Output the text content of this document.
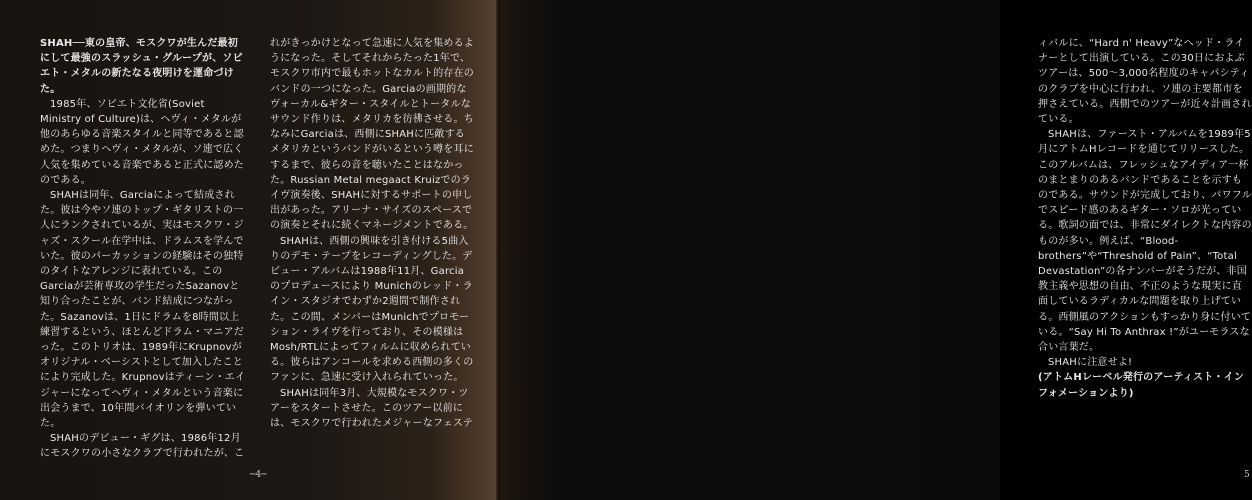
SHAH──東の皇帝、モスクワが生んだ最初にして最強のスラッシュ・グループが、ソビエト・メタルの新たなる夜明けを運命づけた。

1985年、ソビエト文化省(Soviet Ministry of Culture)は、ヘヴィ・メタルが他のあらゆる音楽スタイルと同等であると認めた。つまりヘヴィ・メタルが、ソ連で広く人気を集めている音楽であると正式に認めたのである。

SHAHは同年、Garciaによって結成された。彼は今やソ連のトップ・ギタリストの一人にランクされているが、実はモスクワ・ジャズ・スクール在学中は、ドラムスを学んでいた。彼のパーカッションの経験はその独特のタイトなアレンジに表れている。このGarciaが芸術専攻の学生だったSazanovと知り合ったことが、バンド結成につながった。Sazanovは、1日にドラムを8時間以上練習するという、ほとんどドラム・マニアだった。このトリオは、1989年にKrupnovがオリジナル・ベーシストとして加入したことにより完成した。Krupnovはティーン・エイジャーになってヘヴィ・メタルという音楽に出会うまで、10年間バイオリンを弾いていた。

SHAHのデビュー・ギグは、1986年12月にモスクワの小さなクラブで行われたが、こ

れがきっかけとなって急速に人気を集めるようになった。そしてそれからたった1年で、モスクワ市内で最もホットなカルト的存在のバンドの一つになった。Garciaの画期的なヴォーカル&ギター・スタイルとトータルなサウンド作りは、メタリカを彷彿させる。ちなみにGarciaは、西側にSHAHに匹敵するメタリカというバンドがいるという噂を耳にするまで、彼らの音を聴いたことはなかった。Russian Metal megaact Kruizでのライヴ演奏後、SHAHに対するサポートの申し出があった。アリーナ・サイズのスペースでの演奏とそれに続くマネージメントである。

SHAHは、西側の興味を引き付ける5曲入りのデモ・テープをレコーディングした。デビュー・アルバムは1988年11月、Garciaのプロデュースにより Munichのレッド・ライン・スタジオでわずか2週間で制作された。この間、メンバーはMunichでプロモーション・ライヴを行っており、その模様はMosh/RTLによってフィルムに収められている。彼らはアンコールを求める西側の多くのファンに、急速に受け入れられていった。

SHAHは同年3月、大規模なモスクワ・ツアーをスタートさせた。このツアー以前には、モスクワで行われたメジャーなフェステ

─4─

ィバルに、“Hard n' Heavy”なヘッド・ライナーとして出演している。この30日におよぶツアーは、500～3,000名程度のキャパシティのクラブを中心に行われ、ソ連の主要都市を押さえている。西側でのツアーが近々計画されている。

SHAHは、ファースト・アルバムを1989年5月にアトムHレコードを通じてリリースした。このアルバムは、フレッシュなアイディア一杯のまとまりのあるバンドであることを示すものである。サウンドが完成しており、パワフルでスピード感のあるギター・ソロが光っている。歌詞の面では、非常にダイレクトな内容のものが多い。例えば、“Blood-brothers”や“Threshold of Pain”、“Total Devastation”の各ナンバーがそうだが、非国教主義や思想の自由、不正のような現実に直面しているラディカルな問題を取り上げている。西側風のアクションもすっかり身に付いている。“Say Hi To Anthrax !”がユーモラスな合い言葉だ。

SHAHに注意せよ!

(アトムHレーベル発行のアーティスト・インフォメーションより)

5
